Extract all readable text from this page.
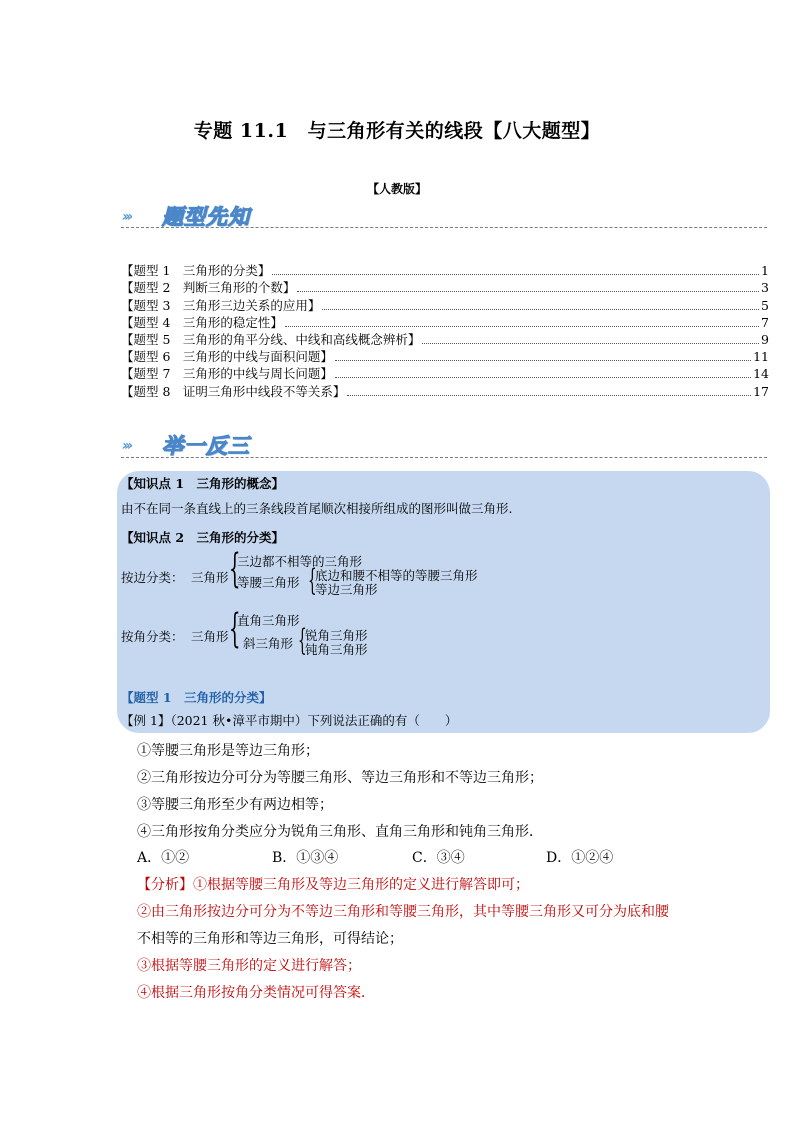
专题 11.1　与三角形有关的线段【八大题型】
【人教版】
››› 题型先知
【题型 1　三角形的分类】	1
【题型 2　判断三角形的个数】	3
【题型 3　三角形三边关系的应用】	5
【题型 4　三角形的稳定性】	7
【题型 5　三角形的角平分线、中线和高线概念辨析】	9
【题型 6　三角形的中线与面积问题】	11
【题型 7　三角形的中线与周长问题】	14
【题型 8　证明三角形中线段不等关系】	17
››› 举一反三
【知识点 1　三角形的概念】
由不在同一条直线上的三条线段首尾顺次相接所组成的图形叫做三角形.
【知识点 2　三角形的分类】
按边分类： 三角形 {
三边都不相等的三角形
等腰三角形 {
底边和腰不相等的等腰三角形
等边三角形
按角分类： 三角形 {
直角三角形
斜三角形 {
锐角三角形
钝角三角形
【题型 1　三角形的分类】
【例 1】（2021 秋•漳平市期中）下列说法正确的有（　　）
①等腰三角形是等边三角形；
②三角形按边分可分为等腰三角形、等边三角形和不等边三角形；
③等腰三角形至少有两边相等；
④三角形按角分类应分为锐角三角形、直角三角形和钝角三角形．
A．①②	B．①③④	C．③④	D．①②④
【分析】①根据等腰三角形及等边三角形的定义进行解答即可；
②由三角形按边分可分为不等边三角形和等腰三角形，其中等腰三角形又可分为底和腰
不相等的三角形和等边三角形，可得结论；
③根据等腰三角形的定义进行解答；
④根据三角形按角分类情况可得答案．
